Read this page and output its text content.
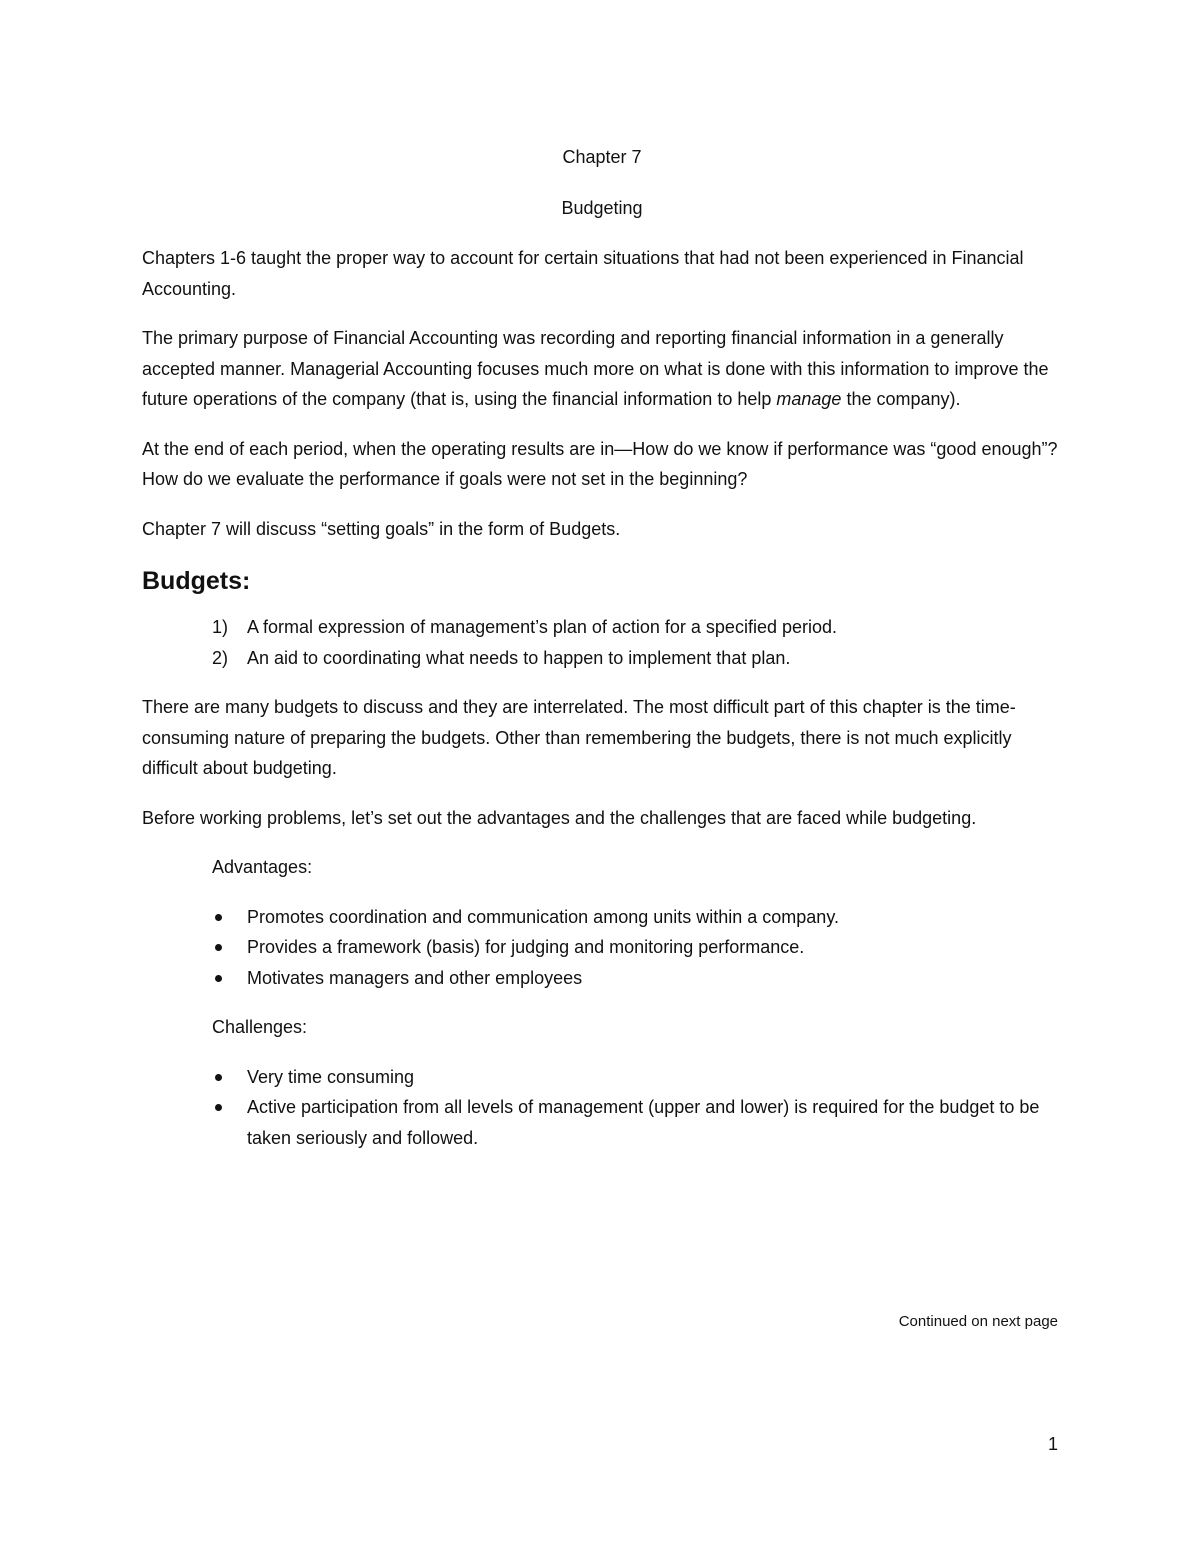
Chapter 7

Budgeting

Chapters 1-6 taught the proper way to account for certain situations that had not been experienced in Financial Accounting.

The primary purpose of Financial Accounting was recording and reporting financial information in a generally accepted manner. Managerial Accounting focuses much more on what is done with this information to improve the future operations of the company (that is, using the financial information to help manage the company).

At the end of each period, when the operating results are in—How do we know if performance was “good enough”? How do we evaluate the performance if goals were not set in the beginning?

Chapter 7 will discuss “setting goals” in the form of Budgets.

Budgets:

1) A formal expression of management’s plan of action for a specified period.
2) An aid to coordinating what needs to happen to implement that plan.

There are many budgets to discuss and they are interrelated. The most difficult part of this chapter is the time-consuming nature of preparing the budgets. Other than remembering the budgets, there is not much explicitly difficult about budgeting.

Before working problems, let’s set out the advantages and the challenges that are faced while budgeting.

Advantages:

Promotes coordination and communication among units within a company.
Provides a framework (basis) for judging and monitoring performance.
Motivates managers and other employees

Challenges:

Very time consuming
Active participation from all levels of management (upper and lower) is required for the budget to be taken seriously and followed.
Continued on next page
1
